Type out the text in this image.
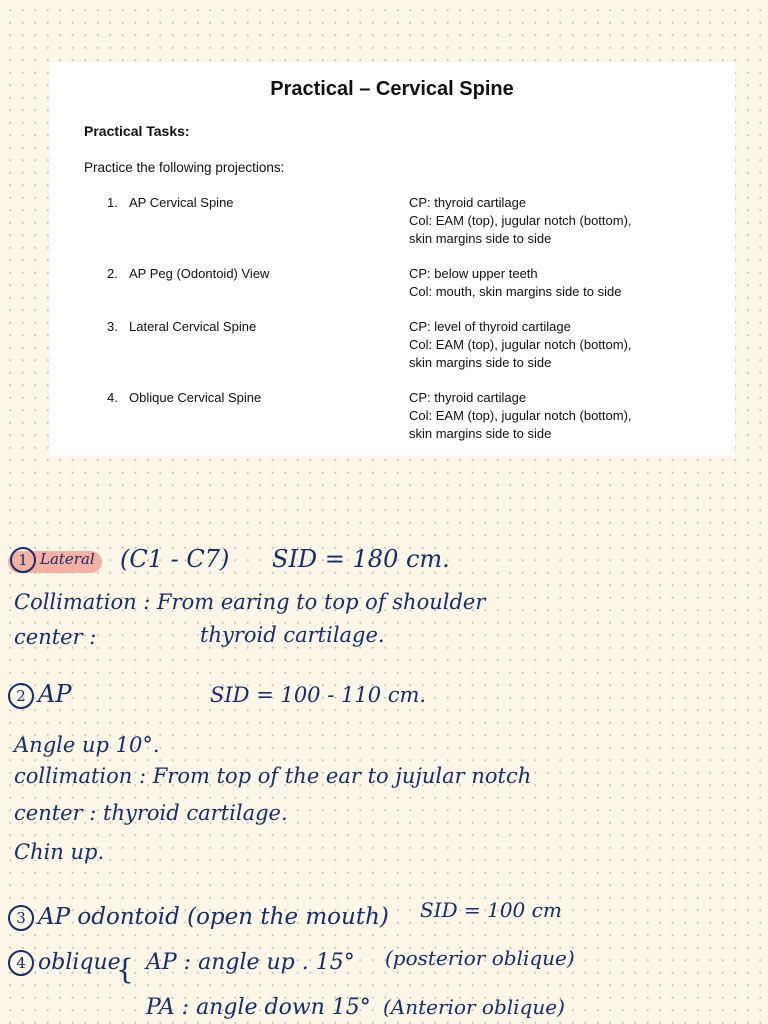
Practical – Cervical Spine
Practical Tasks:
Practice the following projections:
1. AP Cervical Spine	CP: thyroid cartilage
Col: EAM (top), jugular notch (bottom),
skin margins side to side
2. AP Peg (Odontoid) View	CP: below upper teeth
Col: mouth, skin margins side to side
3. Lateral Cervical Spine	CP: level of thyroid cartilage
Col: EAM (top), jugular notch (bottom),
skin margins side to side
4. Oblique Cervical Spine	CP: thyroid cartilage
Col: EAM (top), jugular notch (bottom),
skin margins side to side
1 Lateral (C1 - C7) SID = 180 cm.
Collimation : From earing to top of shoulder
center :	thyroid cartilage.
2 AP	SID = 100 - 110 cm.
Angle up 10°.
collimation : From top of the ear to jujular notch
center : thyroid cartilage.
Chin up.
3 AP odontoid (open the mouth) SID = 100 cm
4 oblique
{ AP : angle up . 15° (posterior oblique)
PA : angle down 15° (Anterior oblique)
